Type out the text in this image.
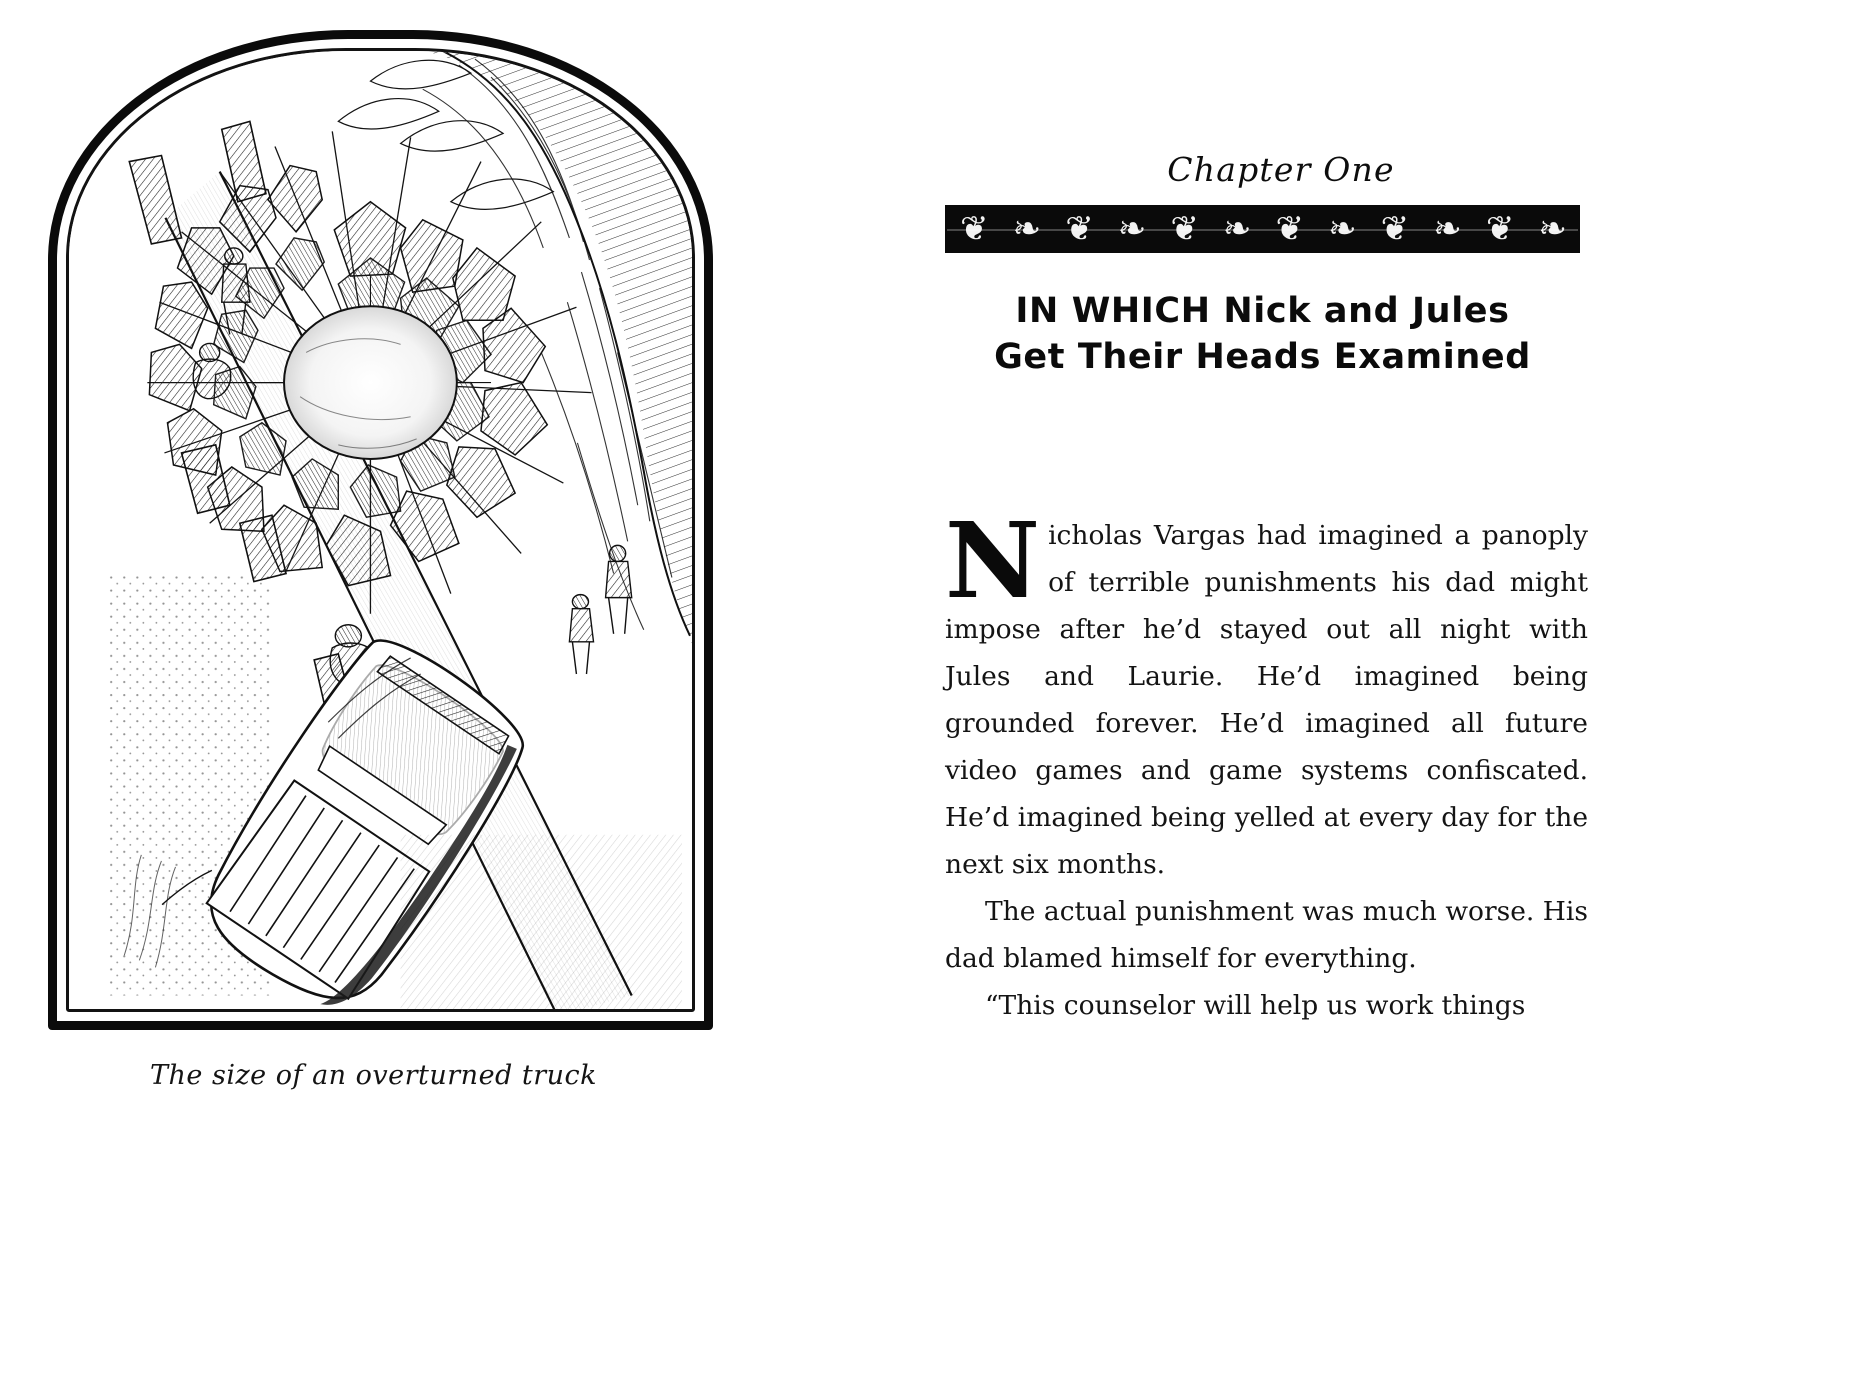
The size of an overturned truck
Chapter One
❦ ❧ ❦ ❧ ❦ ❧ ❦ ❧ ❦ ❧ ❦ ❧
IN WHICH Nick and Jules
Get Their Heads Examined

Nicholas Vargas had imagined a panoply of terrible punishments his dad might impose after he’d stayed out all night with Jules and Laurie. He’d imagined being grounded forever. He’d imagined all future video games and game systems confiscated. He’d imagined being yelled at every day for the next six months.

The actual punishment was much worse. His dad blamed himself for everything.

“This counselor will help us work things
